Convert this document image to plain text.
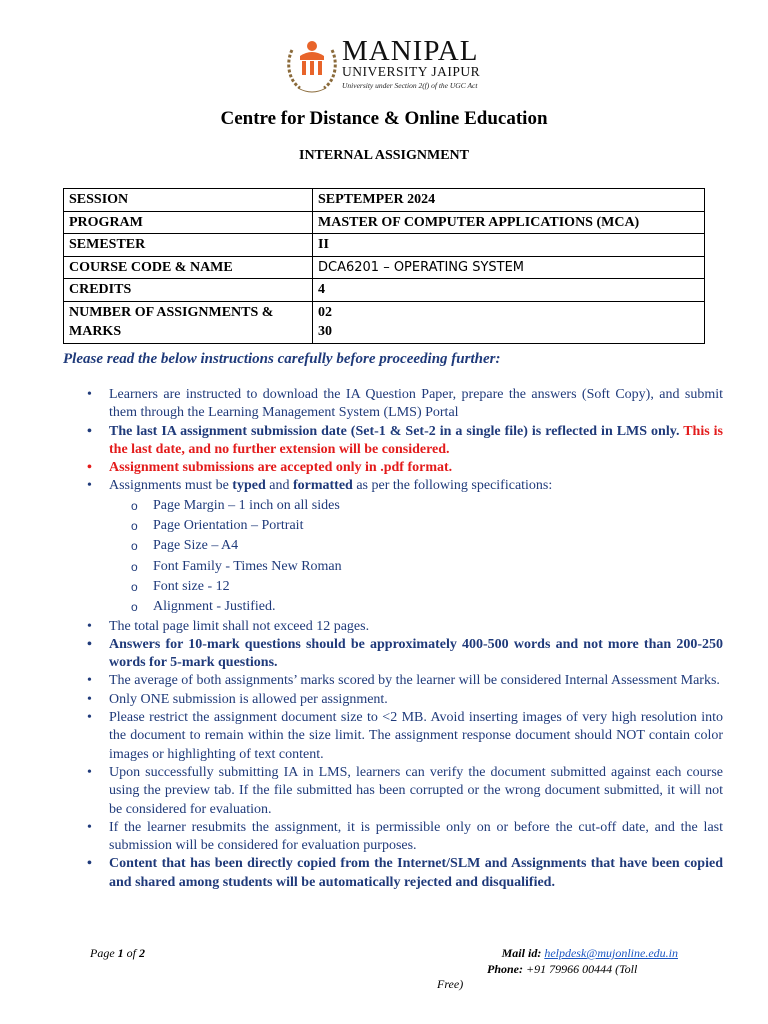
MANIPAL
UNIVERSITY JAIPUR
University under Section 2(f) of the UGC Act
Centre for Distance & Online Education
INTERNAL ASSIGNMENT
SESSION	SEPTEMPER 2024
PROGRAM	MASTER OF COMPUTER APPLICATIONS (MCA)
SEMESTER	II
COURSE CODE & NAME	DCA6201 – OPERATING SYSTEM
CREDITS	4
NUMBER OF ASSIGNMENTS & MARKS	02
30
Please read the below instructions carefully before proceeding further:
• Learners are instructed to download the IA Question Paper, prepare the answers (Soft Copy), and submit them through the Learning Management System (LMS) Portal
• The last IA assignment submission date (Set-1 & Set-2 in a single file) is reflected in LMS only. This is the last date, and no further extension will be considered.
• Assignment submissions are accepted only in .pdf format.
• Assignments must be typed and formatted as per the following specifications:
o Page Margin – 1 inch on all sides
o Page Orientation – Portrait
o Page Size – A4
o Font Family - Times New Roman
o Font size - 12
o Alignment - Justified.
• The total page limit shall not exceed 12 pages.
• Answers for 10-mark questions should be approximately 400-500 words and not more than 200-250 words for 5-mark questions.
• The average of both assignments’ marks scored by the learner will be considered Internal Assessment Marks.
• Only ONE submission is allowed per assignment.
• Please restrict the assignment document size to <2 MB. Avoid inserting images of very high resolution into the document to remain within the size limit. The assignment response document should NOT contain color images or highlighting of text content.
• Upon successfully submitting IA in LMS, learners can verify the document submitted against each course using the preview tab. If the file submitted has been corrupted or the wrong document submitted, it will not be considered for evaluation.
• If the learner resubmits the assignment, it is permissible only on or before the cut-off date, and the last submission will be considered for evaluation purposes.
• Content that has been directly copied from the Internet/SLM and Assignments that have been copied and shared among students will be automatically rejected and disqualified.
Page 1 of 2	Mail id: helpdesk@mujonline.edu.in
Phone: +91 79966 00444 (Toll
Free)
